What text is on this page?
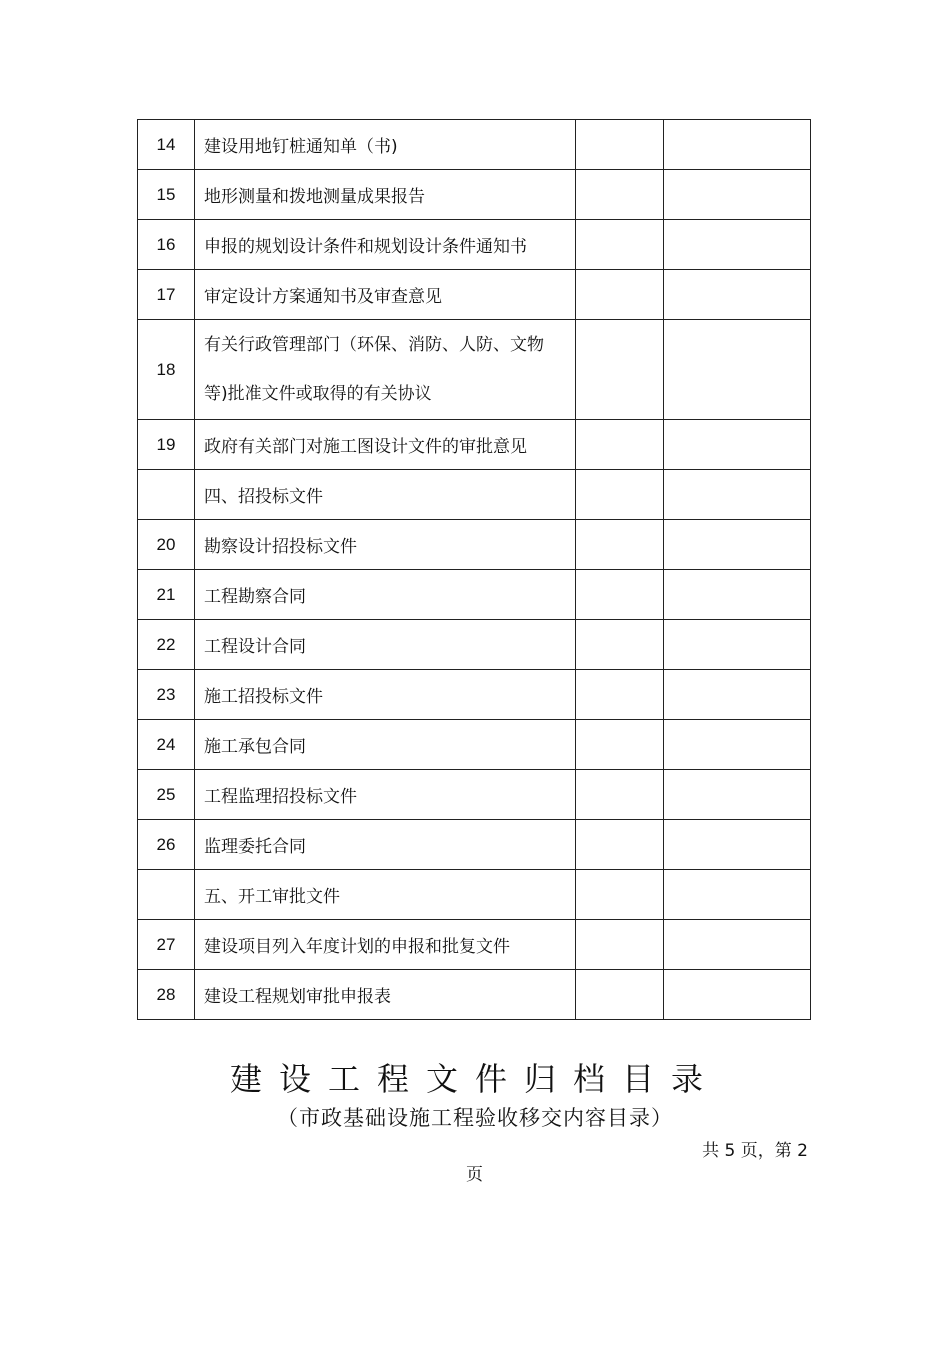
14	建设用地钉桩通知单（书)		
15	地形测量和拨地测量成果报告		
16	申报的规划设计条件和规划设计条件通知书		
17	审定设计方案通知书及审查意见		
18	有关行政管理部门（环保、消防、人防、文物
等)批准文件或取得的有关协议		

19	政府有关部门对施工图设计文件的审批意见		
	四、招投标文件		
20	勘察设计招投标文件		
21	工程勘察合同		
22	工程设计合同		
23	施工招投标文件		
24	施工承包合同		
25	工程监理招投标文件		
26	监理委托合同		
	五、开工审批文件		
27	建设项目列入年度计划的申报和批复文件		
28	建设工程规划审批申报表		
建设工程文件归档目录
（市政基础设施工程验收移交内容目录）
共 5 页，第 2
页
